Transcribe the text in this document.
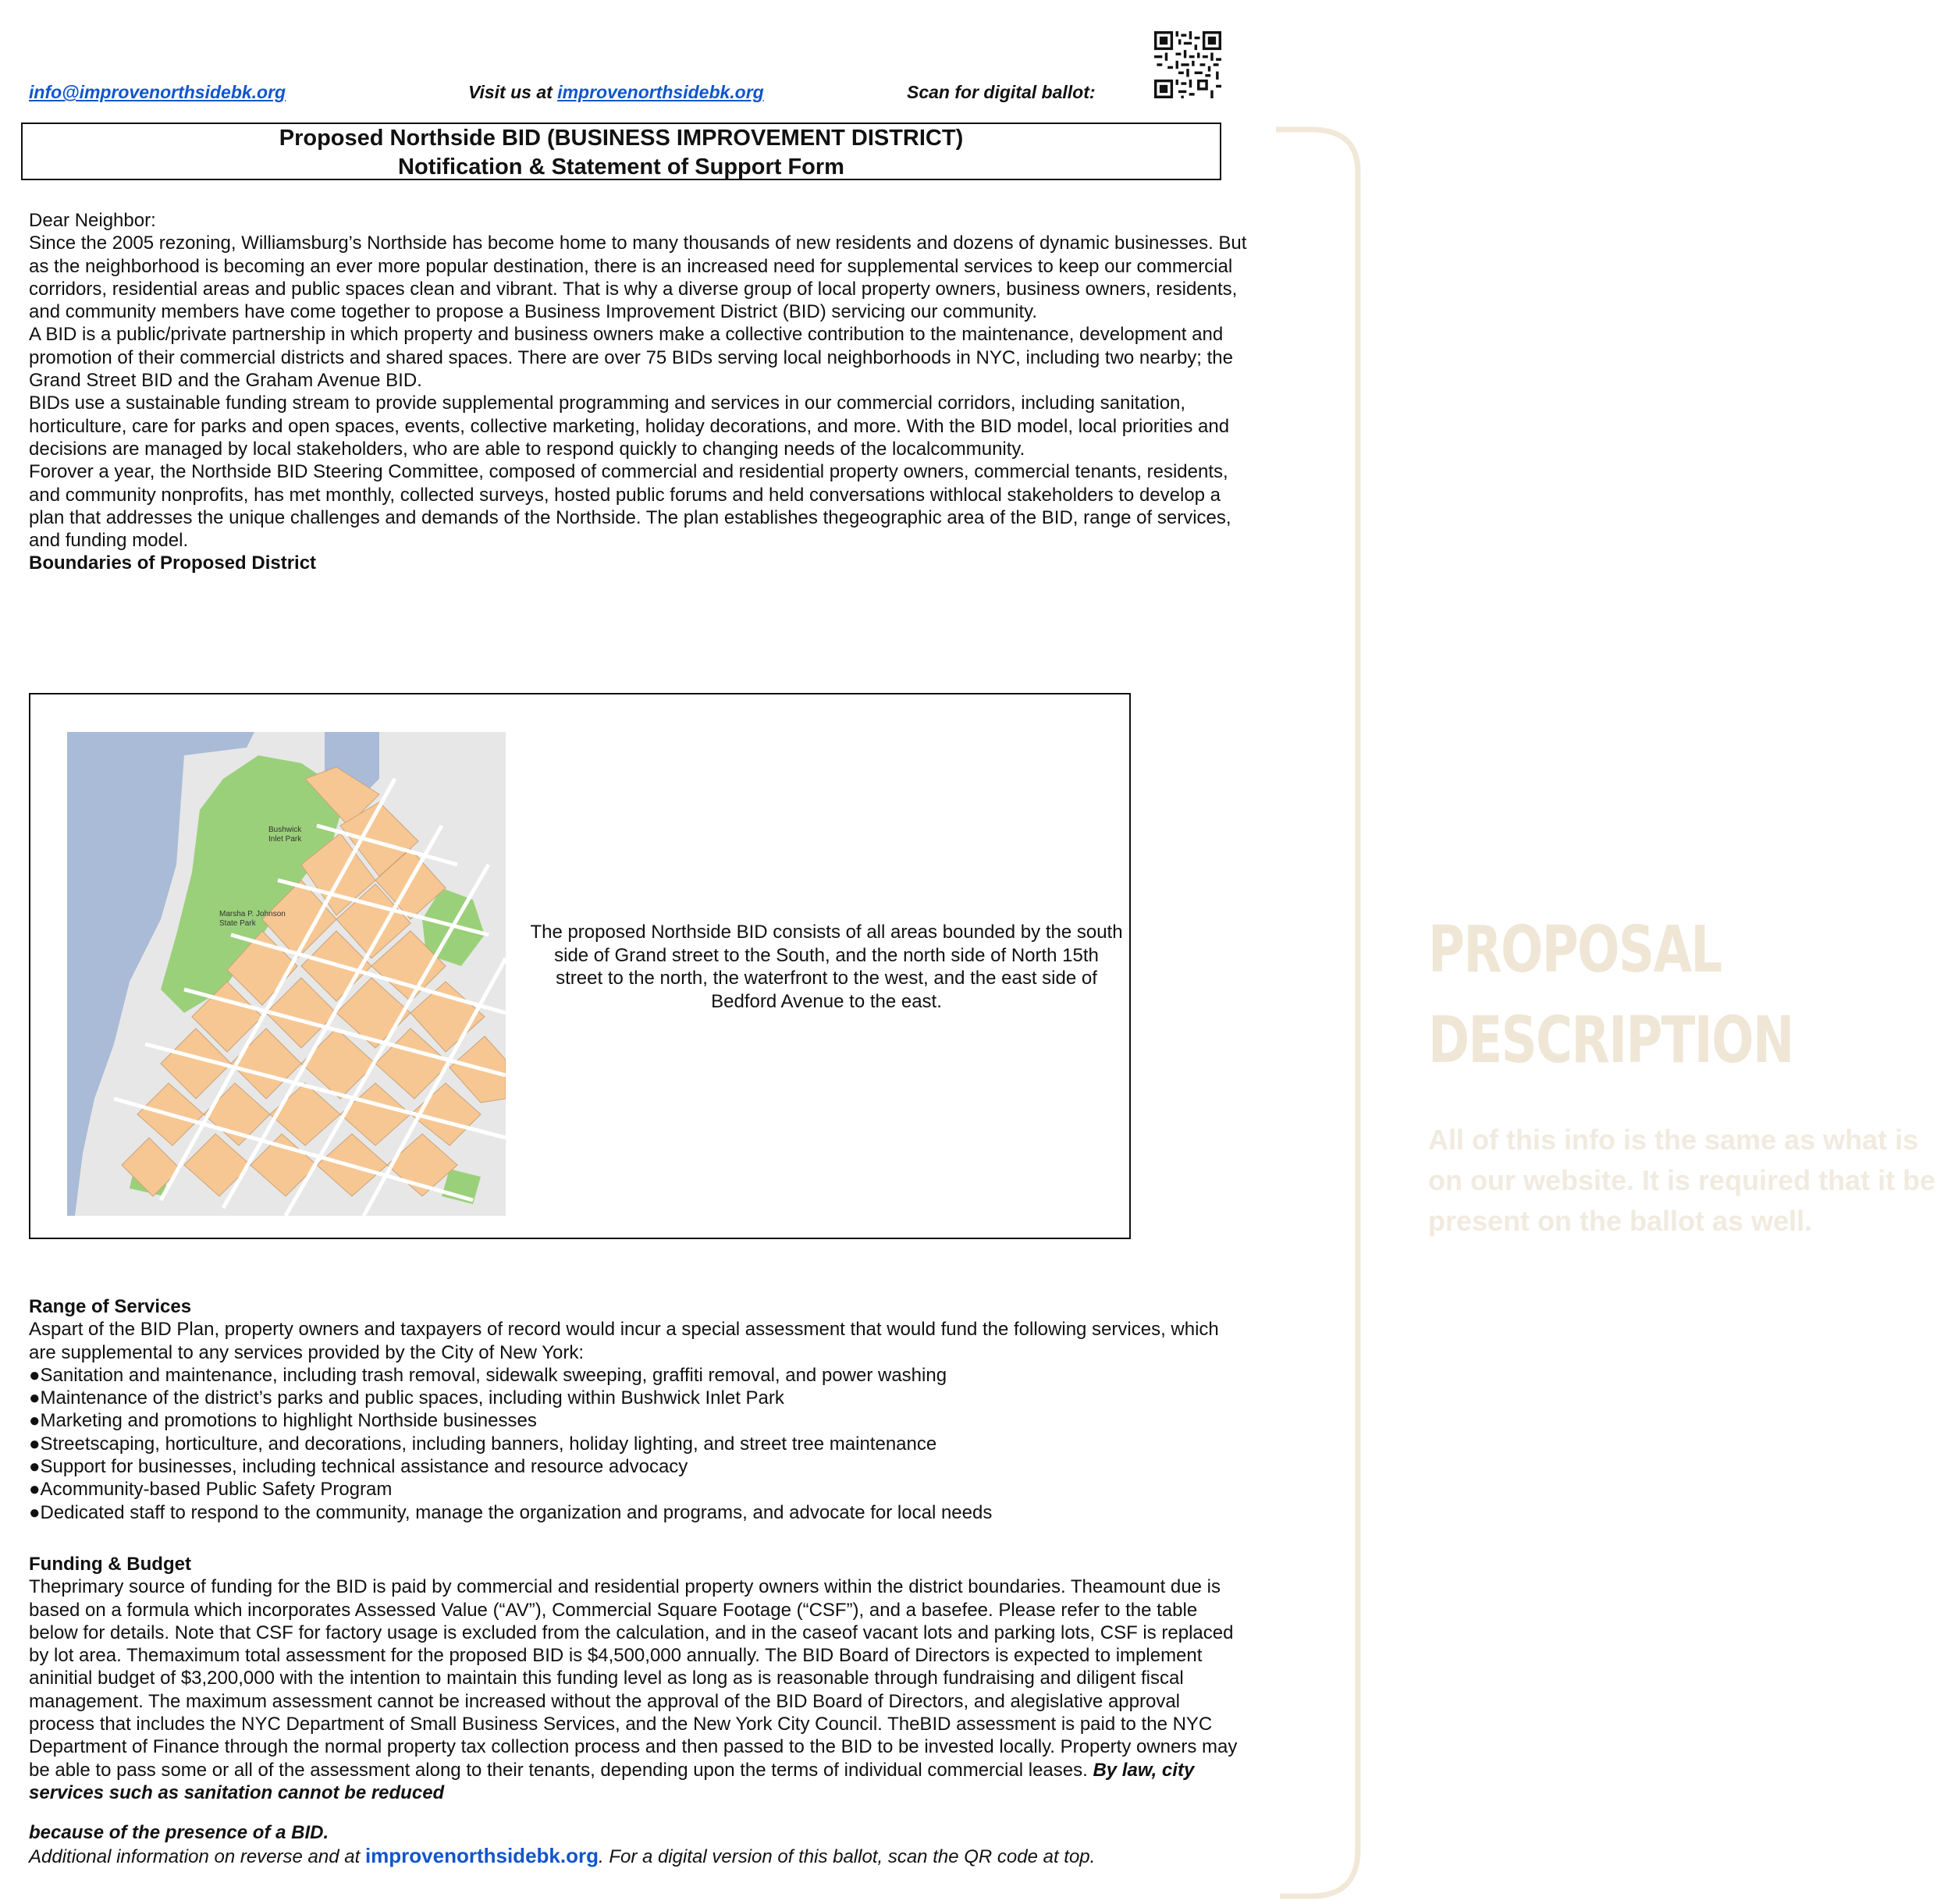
info@improvenorthsidebk.org	Visit us at improvenorthsidebk.org	Scan for digital ballot:
Proposed Northside BID (BUSINESS IMPROVEMENT DISTRICT)
Notification & Statement of Support Form

Dear Neighbor:

Since the 2005 rezoning, Williamsburg’s Northside has become home to many thousands of new residents and dozens of dynamic businesses. But as the neighborhood is becoming an ever more popular destination, there is an increased need for supplemental services to keep our commercial corridors, residential areas and public spaces clean and vibrant. That is why a diverse group of local property owners, business owners, residents, and community members have come together to propose a Business Improvement District (BID) servicing our community.

A BID is a public/private partnership in which property and business owners make a collective contribution to the maintenance, development and promotion of their commercial districts and shared spaces. There are over 75 BIDs serving local neighborhoods in NYC, including two nearby; the Grand Street BID and the Graham Avenue BID.

BIDs use a sustainable funding stream to provide supplemental programming and services in our commercial corridors, including sanitation, horticulture, care for parks and open spaces, events, collective marketing, holiday decorations, and more. With the BID model, local priorities and decisions are managed by local stakeholders, who are able to respond quickly to changing needs of the localcommunity.

Forover a year, the Northside BID Steering Committee, composed of commercial and residential property owners, commercial tenants, residents, and community nonprofits, has met monthly, collected surveys, hosted public forums and held conversations withlocal stakeholders to develop a plan that addresses the unique challenges and demands of the Northside. The plan establishes thegeographic area of the BID, range of services, and funding model.

Boundaries of Proposed District

Bushwick
Inlet Park
Marsha P. Johnson
State Park	The proposed Northside BID consists of all areas bounded by the south side of Grand street to the South, and the north side of North 15th street to the north, the waterfront to the west, and the east side of Bedford Avenue to the east.

Range of Services

Aspart of the BID Plan, property owners and taxpayers of record would incur a special assessment that would fund the following services, which are supplemental to any services provided by the City of New York:

●Sanitation and maintenance, including trash removal, sidewalk sweeping, graffiti removal, and power washing
●Maintenance of the district’s parks and public spaces, including within Bushwick Inlet Park
●Marketing and promotions to highlight Northside businesses
●Streetscaping, horticulture, and decorations, including banners, holiday lighting, and street tree maintenance
●Support for businesses, including technical assistance and resource advocacy
●Acommunity-based Public Safety Program
●Dedicated staff to respond to the community, manage the organization and programs, and advocate for local needs

Funding & Budget

Theprimary source of funding for the BID is paid by commercial and residential property owners within the district boundaries. Theamount due is based on a formula which incorporates Assessed Value (“AV”), Commercial Square Footage (“CSF”), and a basefee. Please refer to the table below for details. Note that CSF for factory usage is excluded from the calculation, and in the caseof vacant lots and parking lots, CSF is replaced by lot area. Themaximum total assessment for the proposed BID is $4,500,000 annually. The BID Board of Directors is expected to implement aninitial budget of $3,200,000 with the intention to maintain this funding level as long as is reasonable through fundraising and diligent fiscal management. The maximum assessment cannot be increased without the approval of the BID Board of Directors, and alegislative approval process that includes the NYC Department of Small Business Services, and the New York City Council. TheBID assessment is paid to the NYC Department of Finance through the normal property tax collection process and then passed to the BID to be invested locally. Property owners may be able to pass some or all of the assessment along to their tenants, depending upon the terms of individual commercial leases. By law, city services such as sanitation cannot be reduced

because of the presence of a BID.

Additional information on reverse and at improvenorthsidebk.org. For a digital version of this ballot, scan the QR code at top.

PROPOSAL
DESCRIPTION
All of this info is the same as what is on our website. It is required that it be present on the ballot as well.
